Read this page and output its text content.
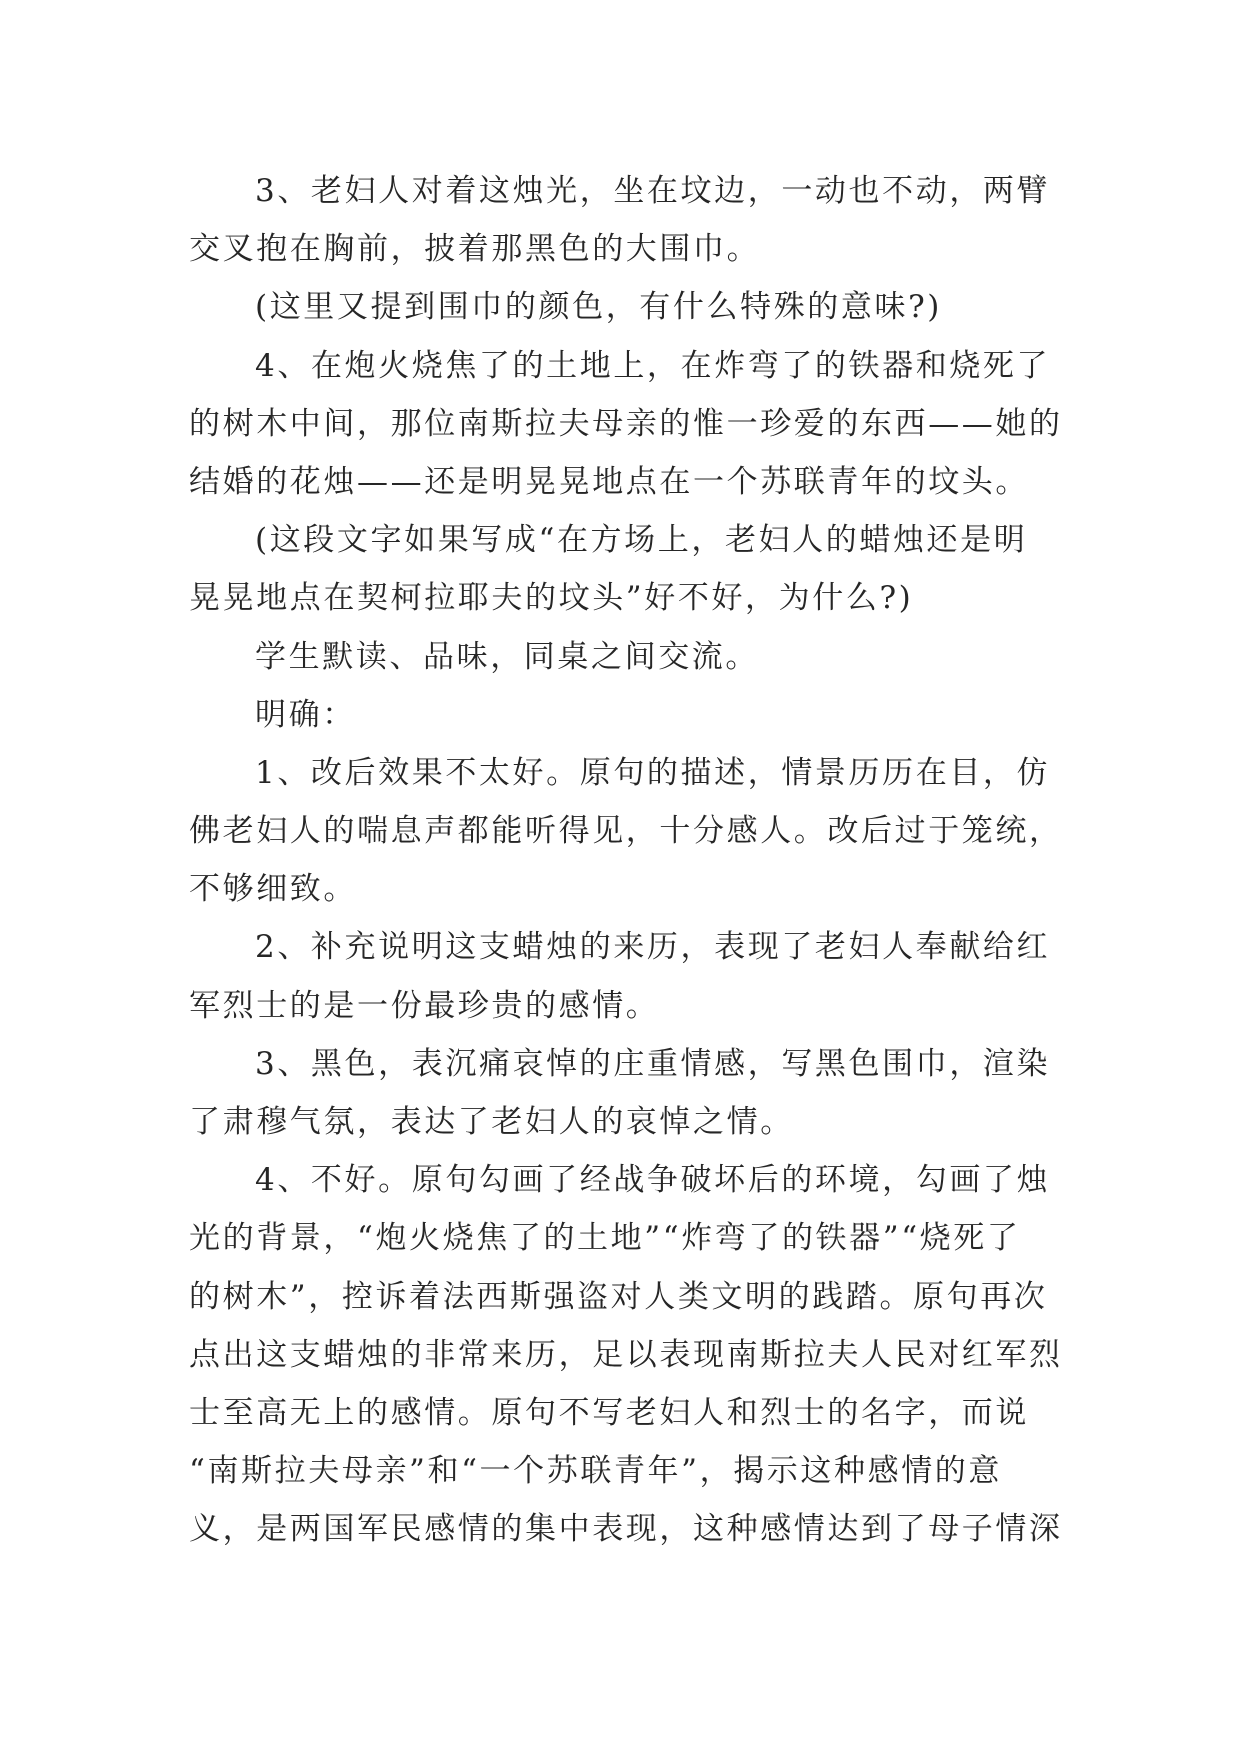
3、老妇人对着这烛光，坐在坟边，一动也不动，两臂

交叉抱在胸前，披着那黑色的大围巾。

(这里又提到围巾的颜色，有什么特殊的意味?)

4、在炮火烧焦了的土地上，在炸弯了的铁器和烧死了

的树木中间，那位南斯拉夫母亲的惟一珍爱的东西——她的

结婚的花烛——还是明晃晃地点在一个苏联青年的坟头。

(这段文字如果写成“在方场上，老妇人的蜡烛还是明

晃晃地点在契柯拉耶夫的坟头”好不好，为什么?)

学生默读、品味，同桌之间交流。

明确：

1、改后效果不太好。原句的描述，情景历历在目，仿

佛老妇人的喘息声都能听得见，十分感人。改后过于笼统，

不够细致。

2、补充说明这支蜡烛的来历，表现了老妇人奉献给红

军烈士的是一份最珍贵的感情。

3、黑色，表沉痛哀悼的庄重情感，写黑色围巾，渲染

了肃穆气氛，表达了老妇人的哀悼之情。

4、不好。原句勾画了经战争破坏后的环境，勾画了烛

光的背景，“炮火烧焦了的土地”“炸弯了的铁器”“烧死了

的树木”，控诉着法西斯强盗对人类文明的践踏。原句再次

点出这支蜡烛的非常来历，足以表现南斯拉夫人民对红军烈

士至高无上的感情。原句不写老妇人和烈士的名字，而说

“南斯拉夫母亲”和“一个苏联青年”，揭示这种感情的意

义，是两国军民感情的集中表现，这种感情达到了母子情深
